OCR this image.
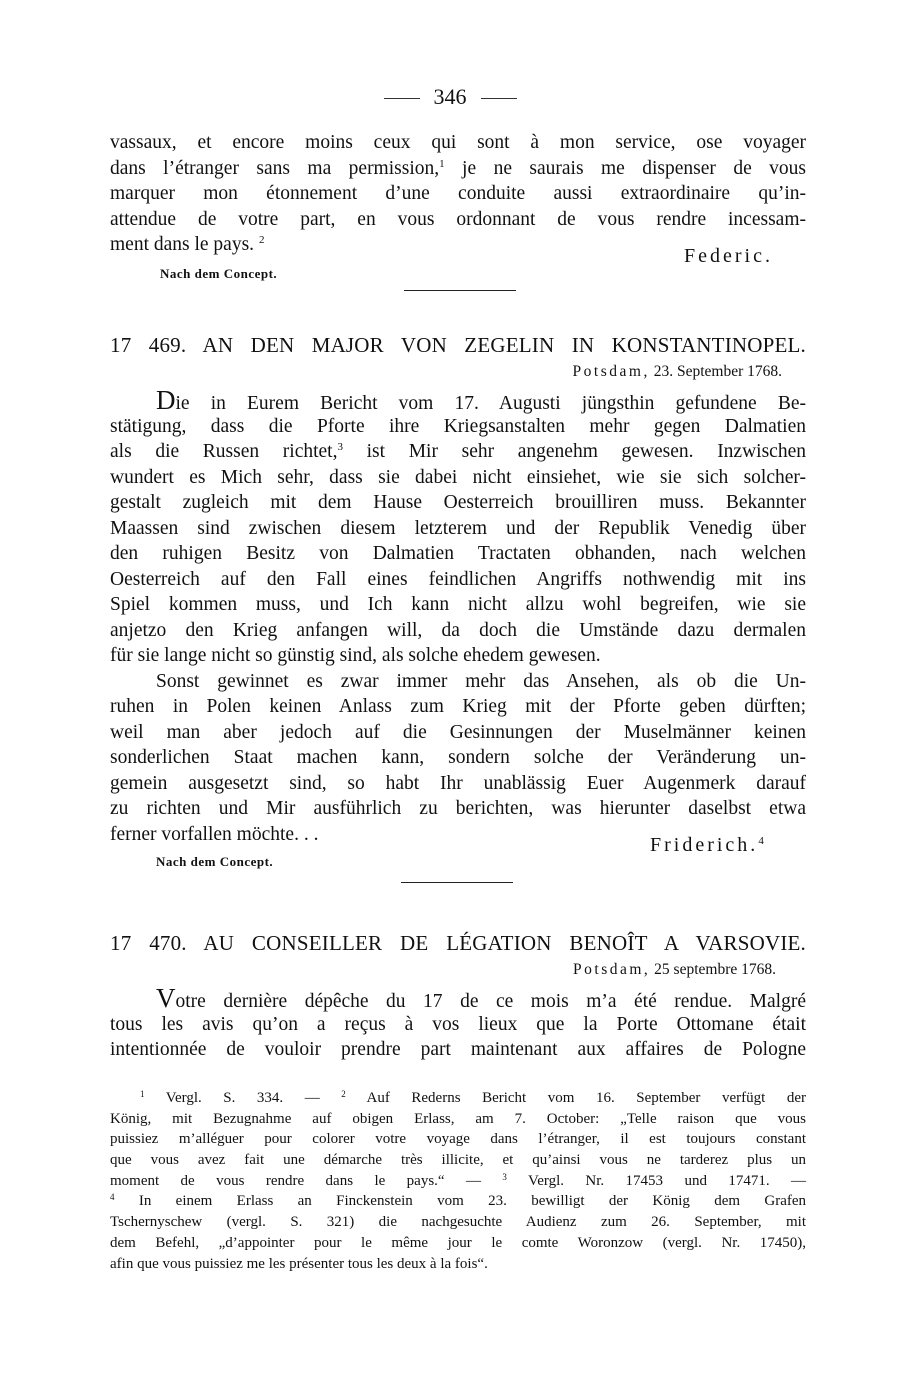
346
vassaux, et encore moins ceux qui sont à mon service, ose voyager
dans l’étranger sans ma permission,$^1$ je ne saurais me dispenser de vous
marquer mon étonnement d’une conduite aussi extraordinaire qu’in-
attendue de votre part, en vous ordonnant de vous rendre incessam-
ment dans le pays. $^2$
Federic.
Nach dem Concept.
17 469. AN DEN MAJOR VON ZEGELIN IN KONSTANTINOPEL.
Potsdam, 23. September 1768.
Die in Eurem Bericht vom 17. Augusti jüngsthin gefundene Be-
stätigung, dass die Pforte ihre Kriegsanstalten mehr gegen Dalmatien
als die Russen richtet,$^3$ ist Mir sehr angenehm gewesen. Inzwischen
wundert es Mich sehr, dass sie dabei nicht einsiehet, wie sie sich solcher-
gestalt zugleich mit dem Hause Oesterreich brouilliren muss. Bekannter
Maassen sind zwischen diesem letzterem und der Republik Venedig über
den ruhigen Besitz von Dalmatien Tractaten obhanden, nach welchen
Oesterreich auf den Fall eines feindlichen Angriffs nothwendig mit ins
Spiel kommen muss, und Ich kann nicht allzu wohl begreifen, wie sie
anjetzo den Krieg anfangen will, da doch die Umstände dazu dermalen
für sie lange nicht so günstig sind, als solche ehedem gewesen.
Sonst gewinnet es zwar immer mehr das Ansehen, als ob die Un-
ruhen in Polen keinen Anlass zum Krieg mit der Pforte geben dürften;
weil man aber jedoch auf die Gesinnungen der Muselmänner keinen
sonderlichen Staat machen kann, sondern solche der Veränderung un-
gemein ausgesetzt sind, so habt Ihr unablässig Euer Augenmerk darauf
zu richten und Mir ausführlich zu berichten, was hierunter daselbst etwa
ferner vorfallen möchte. . .	Friderich.$^4$
Nach dem Concept.
17 470. AU CONSEILLER DE LÉGATION BENOÎT A VARSOVIE.
Potsdam, 25 septembre 1768.
Votre dernière dépêche du 17 de ce mois m’a été rendue. Malgré
tous les avis qu’on a reçus à vos lieux que la Porte Ottomane était
intentionnée de vouloir prendre part maintenant aux affaires de Pologne
$^1$ Vergl. S. 334. — $^2$ Auf Rederns Bericht vom 16. September verfügt der
König, mit Bezugnahme auf obigen Erlass, am 7. October: „Telle raison que vous
puissiez m’alléguer pour colorer votre voyage dans l’étranger, il est toujours constant
que vous avez fait une démarche très illicite, et qu’ainsi vous ne tarderez plus un
moment de vous rendre dans le pays.“ — $^3$ Vergl. Nr. 17453 und 17471. —
$^4$ In einem Erlass an Finckenstein vom 23. bewilligt der König dem Grafen
Tschernyschew (vergl. S. 321) die nachgesuchte Audienz zum 26. September, mit
dem Befehl, „d’appointer pour le même jour le comte Woronzow (vergl. Nr. 17450),
afin que vous puissiez me les présenter tous les deux à la fois“.
